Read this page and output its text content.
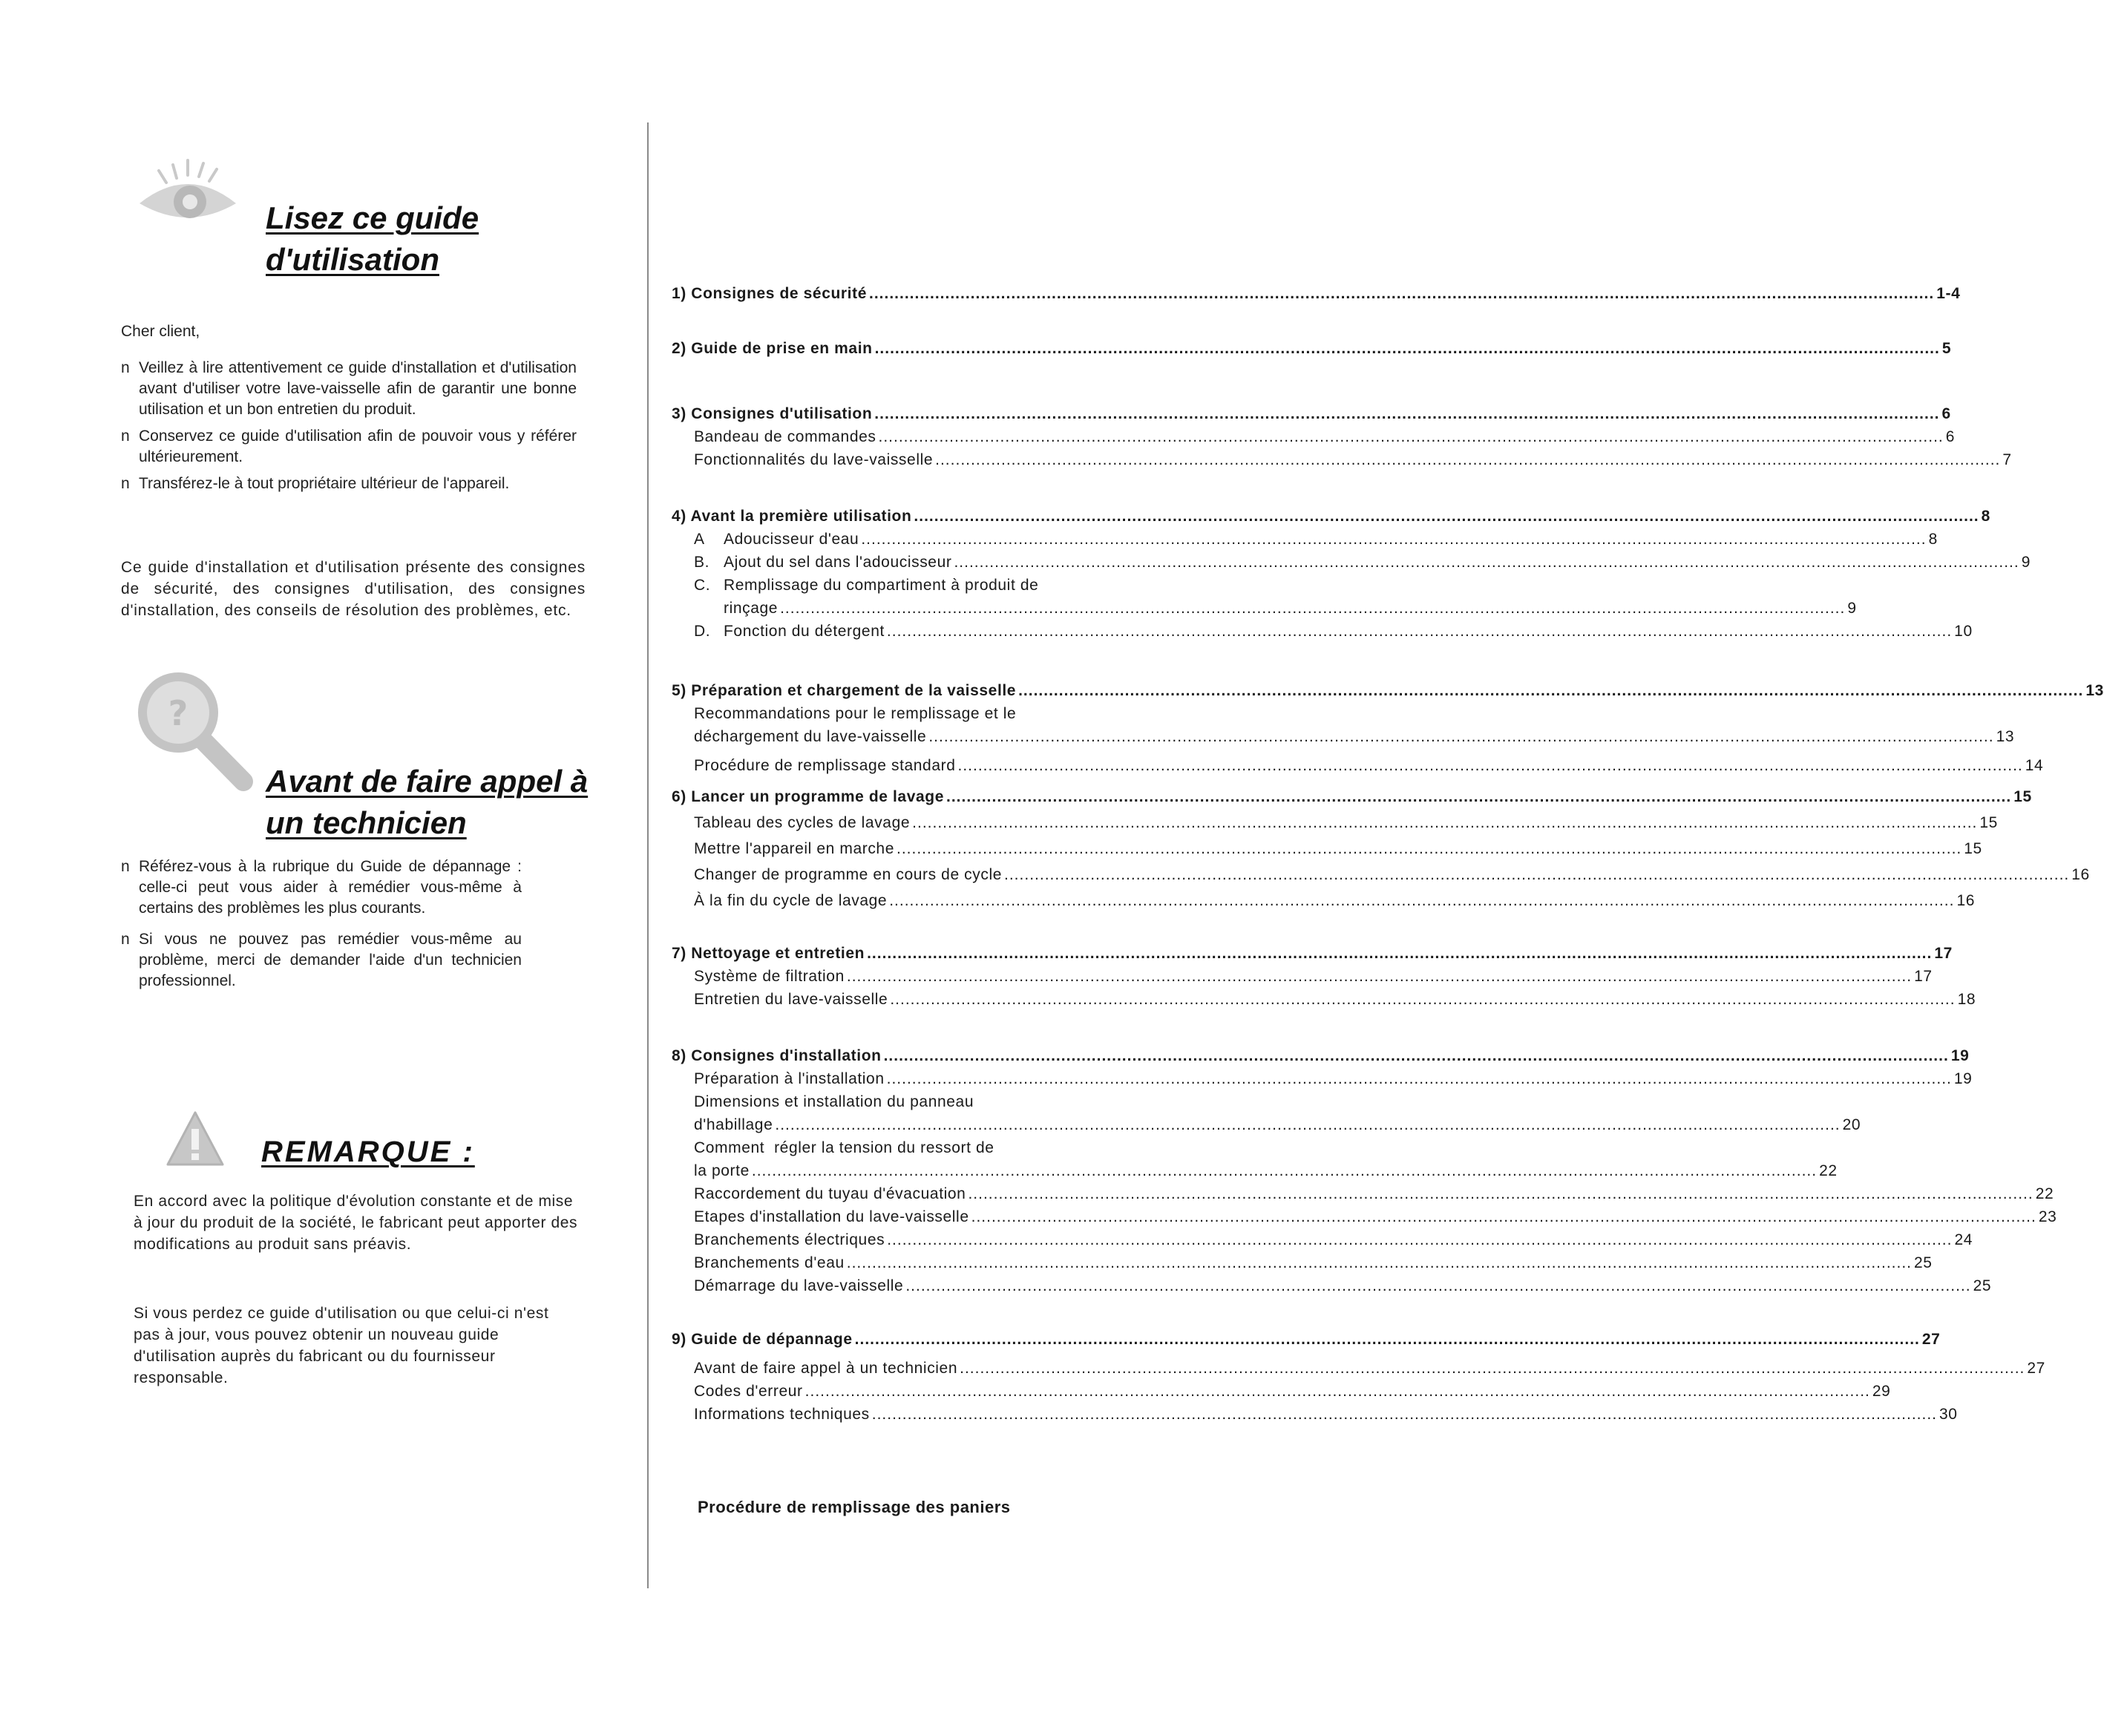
Lisez ce guide
d'utilisation

Cher client,

n Veillez à lire attentivement ce guide d'installation et d'utilisation avant d'utiliser votre lave-vaisselle afin de garantir une bonne utilisation et un bon entretien du produit.
n Conservez ce guide d'utilisation afin de pouvoir vous y référer ultérieurement.
n Transférez-le à tout propriétaire ultérieur de l'appareil.

Ce guide d'installation et d'utilisation présente des consignes de sécurité, des consignes d'utilisation, des consignes d'installation, des conseils de résolution des problèmes, etc.

?
Avant de faire appel à
un technicien
n Référez-vous à la rubrique du Guide de dépannage : celle-ci peut vous aider à remédier vous-même à certains des problèmes les plus courants.
n Si vous ne pouvez pas remédier vous-même au problème, merci de demander l'aide d'un technicien professionnel.
REMARQUE :

En accord avec la politique d'évolution constante et de mise à jour du produit de la société, le fabricant peut apporter des modifications au produit sans préavis.

Si vous perdez ce guide d'utilisation ou que celui-ci n'est pas à jour, vous pouvez obtenir un nouveau guide d'utilisation auprès du fabricant ou du fournisseur responsable.

1) Consignes de sécurité .....	1-4
2) Guide de prise en main .....	5
3) Consignes d'utilisation .....	6
Bandeau de commandes .....	6
Fonctionnalités du lave-vaisselle .....	7
4) Avant la première utilisation .....	8
A	Adoucisseur d'eau .....	8
B. Ajout du sel dans l'adoucisseur .....	9
C. Remplissage du compartiment à produit de
rinçage .....	9
D. Fonction du détergent .....	10
5) Préparation et chargement de la vaisselle .....	13
Recommandations pour le remplissage et le
déchargement du lave-vaisselle .....	13
Procédure de remplissage standard .....	14
6) Lancer un programme de lavage .....	15
Tableau des cycles de lavage .....	15
Mettre l'appareil en marche .....	15
Changer de programme en cours de cycle .....	16
À la fin du cycle de lavage .....	16
7) Nettoyage et entretien .....	17
Système de filtration .....	17
Entretien du lave-vaisselle .....	18
8) Consignes d'installation .....	19
Préparation à l'installation .....	19
Dimensions et installation du panneau
d'habillage .....	20
Comment  régler la tension du ressort de
la porte .....	22
Raccordement du tuyau d'évacuation .....	22
Etapes d'installation du lave-vaisselle .....	23
Branchements électriques .....	24
Branchements d'eau .....	25
Démarrage du lave-vaisselle .....	25
9) Guide de dépannage .....	27
Avant de faire appel à un technicien .....	27
Codes d'erreur .....	29
Informations techniques .....	30
Procédure de remplissage des paniers
